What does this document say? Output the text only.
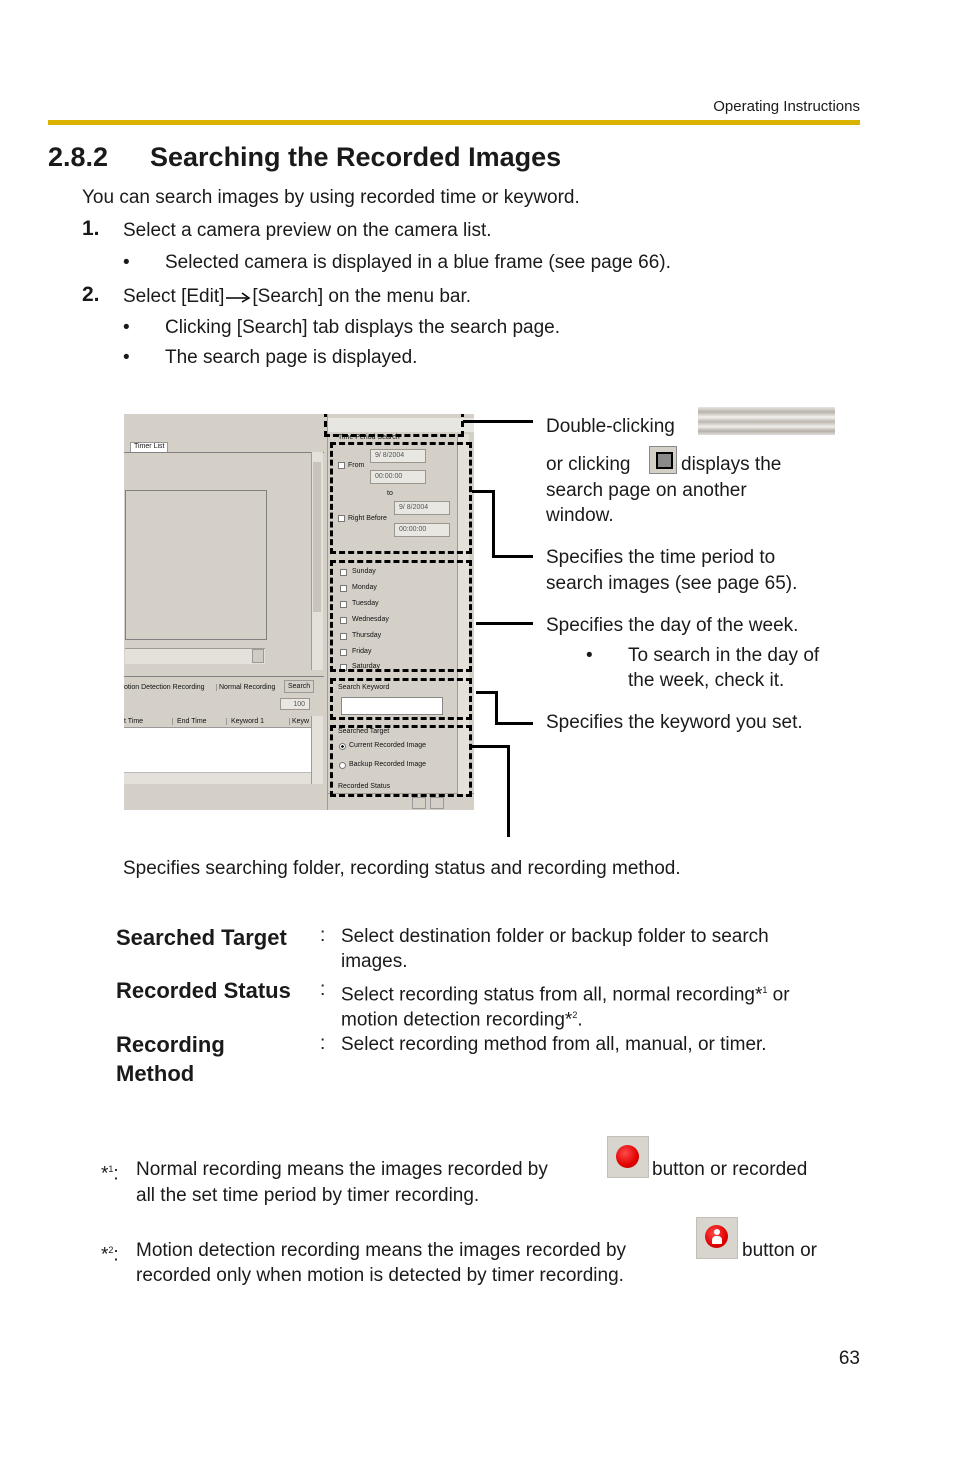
Operating Instructions
2.8.2 Searching the Recorded Images
You can search images by using recorded time or keyword.
1. Select a camera preview on the camera list.
• Selected camera is displayed in a blue frame (see page 66).
2. Select [Edit] [Search] on the menu bar.
• Clicking [Search] tab displays the search page.
• The search page is displayed.
Timer List
otion Detection Recording	Normal Recording	Search
100
t Time	End Time	Keyword 1	Keyw
Time Period Search
From
9/ 8/2004
00:00:00
to
9/ 8/2004
Right Before
00:00:00
Sunday
Monday
Tuesday
Wednesday
Thursday
Friday
Saturday
Search Keyword
Searched Target
Current Recorded Image
Backup Recorded Image
Recorded Status
Double-clicking
or clicking	displays the
search page on another
window.
Specifies the time period to
search images (see page 65).
Specifies the day of the week.
• To search in the day of
the week, check it.
Specifies the keyword you set.
Specifies searching folder, recording status and recording method.
Searched Target : Select destination folder or backup folder to search
images.
Recorded Status : Select recording status from all, normal recording*$^1$ or
motion detection recording*$^2$.
Recording
Method
: Select recording method from all, manual, or timer.
*$^1$: Normal recording means the images recorded by	button or recorded
all the set time period by timer recording.
*$^2$: Motion detection recording means the images recorded by	button or
recorded only when motion is detected by timer recording.
63
